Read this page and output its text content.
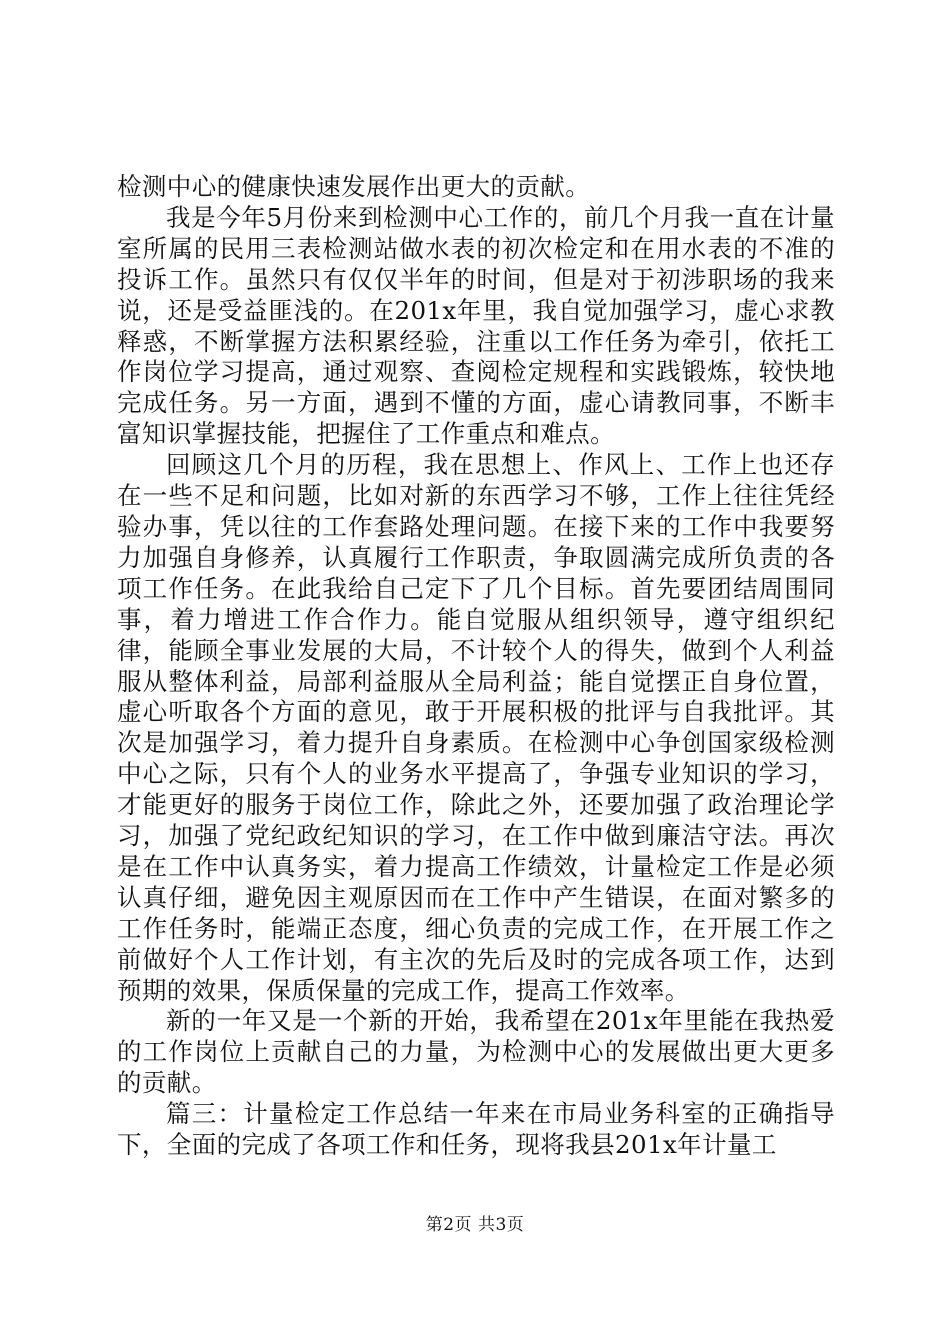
检测中心的健康快速发展作出更大的贡献。

我是今年5月份来到检测中心工作的，前几个月我一直在计量室所属的民用三表检测站做水表的初次检定和在用水表的不准的投诉工作。虽然只有仅仅半年的时间，但是对于初涉职场的我来说，还是受益匪浅的。在201x年里，我自觉加强学习，虚心求教释惑，不断掌握方法积累经验，注重以工作任务为牵引，依托工作岗位学习提高，通过观察、查阅检定规程和实践锻炼，较快地完成任务。另一方面，遇到不懂的方面，虚心请教同事，不断丰富知识掌握技能，把握住了工作重点和难点。

回顾这几个月的历程，我在思想上、作风上、工作上也还存在一些不足和问题，比如对新的东西学习不够，工作上往往凭经验办事，凭以往的工作套路处理问题。在接下来的工作中我要努力加强自身修养，认真履行工作职责，争取圆满完成所负责的各项工作任务。在此我给自己定下了几个目标。首先要团结周围同事，着力增进工作合作力。能自觉服从组织领导，遵守组织纪律，能顾全事业发展的大局，不计较个人的得失，做到个人利益服从整体利益，局部利益服从全局利益；能自觉摆正自身位置，虚心听取各个方面的意见，敢于开展积极的批评与自我批评。其次是加强学习，着力提升自身素质。在检测中心争创国家级检测中心之际，只有个人的业务水平提高了，争强专业知识的学习，才能更好的服务于岗位工作，除此之外，还要加强了政治理论学习，加强了党纪政纪知识的学习，在工作中做到廉洁守法。再次是在工作中认真务实，着力提高工作绩效，计量检定工作是必须认真仔细，避免因主观原因而在工作中产生错误，在面对繁多的工作任务时，能端正态度，细心负责的完成工作，在开展工作之前做好个人工作计划，有主次的先后及时的完成各项工作，达到预期的效果，保质保量的完成工作，提高工作效率。

新的一年又是一个新的开始，我希望在201x年里能在我热爱的工作岗位上贡献自己的力量，为检测中心的发展做出更大更多的贡献。

篇三：计量检定工作总结一年来在市局业务科室的正确指导下，全面的完成了各项工作和任务，现将我县201x年计量工

第2页 共3页
